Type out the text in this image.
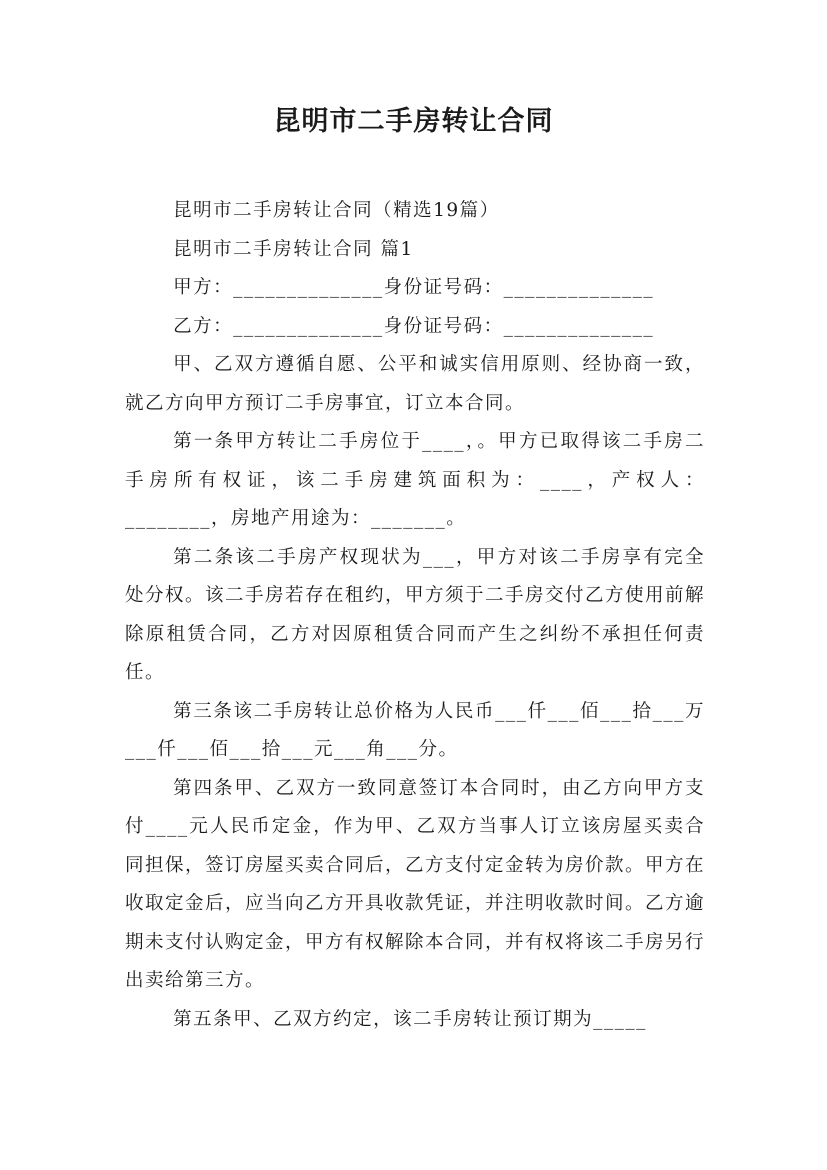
昆明市二手房转让合同

昆明市二手房转让合同（精选19篇）

昆明市二手房转让合同 篇1

甲方：______________身份证号码：______________

乙方：______________身份证号码：______________

甲、乙双方遵循自愿、公平和诚实信用原则、经协商一致，就乙方向甲方预订二手房事宜，订立本合同。

第一条甲方转让二手房位于____，。甲方已取得该二手房二手房所有权证，该二手房建筑面积为：____，产权人：________，房地产用途为：_______。

第二条该二手房产权现状为___，甲方对该二手房享有完全处分权。该二手房若存在租约，甲方须于二手房交付乙方使用前解除原租赁合同，乙方对因原租赁合同而产生之纠纷不承担任何责任。

第三条该二手房转让总价格为人民币___仟___佰___拾___万___仟___佰___拾___元___角___分。

第四条甲、乙双方一致同意签订本合同时，由乙方向甲方支付____元人民币定金，作为甲、乙双方当事人订立该房屋买卖合同担保，签订房屋买卖合同后，乙方支付定金转为房价款。甲方在收取定金后，应当向乙方开具收款凭证，并注明收款时间。乙方逾期未支付认购定金，甲方有权解除本合同，并有权将该二手房另行出卖给第三方。

第五条甲、乙双方约定，该二手房转让预订期为_____
